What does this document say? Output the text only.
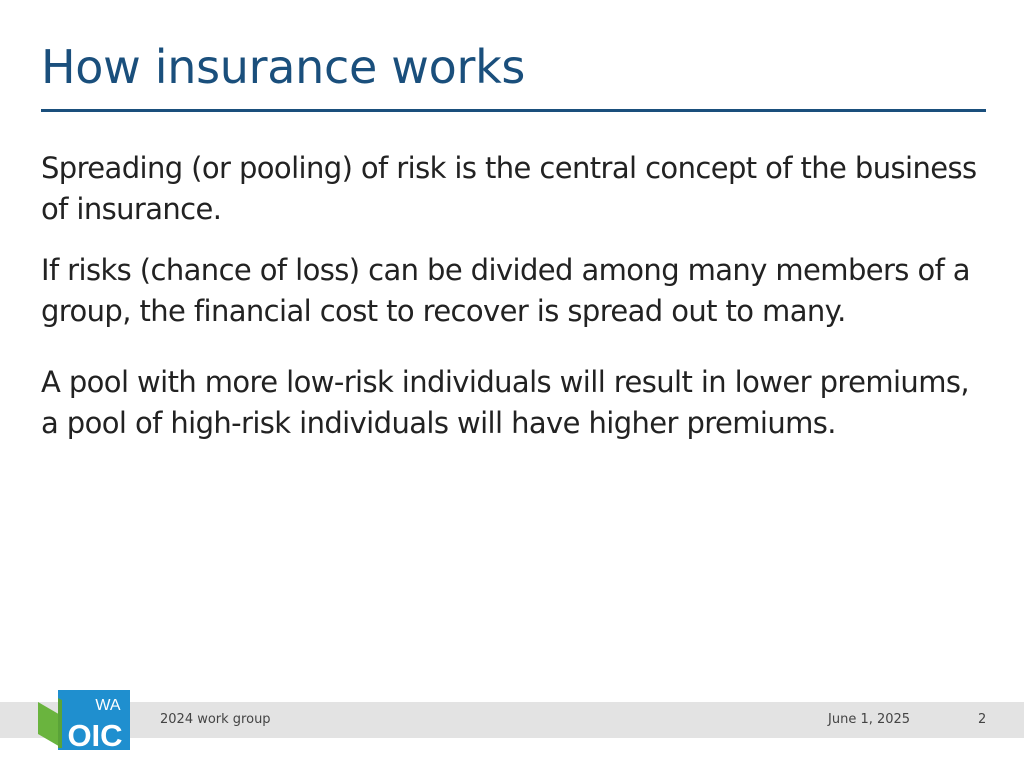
How insurance works

Spreading (or pooling) of risk is the central concept of the business of insurance.

If risks (chance of loss) can be divided among many members of a group, the financial cost to recover is spread out to many.

A pool with more low-risk individuals will result in lower premiums, a pool of high-risk individuals will have higher premiums.

WA
OIC	2024 work group	June 1, 2025	2
